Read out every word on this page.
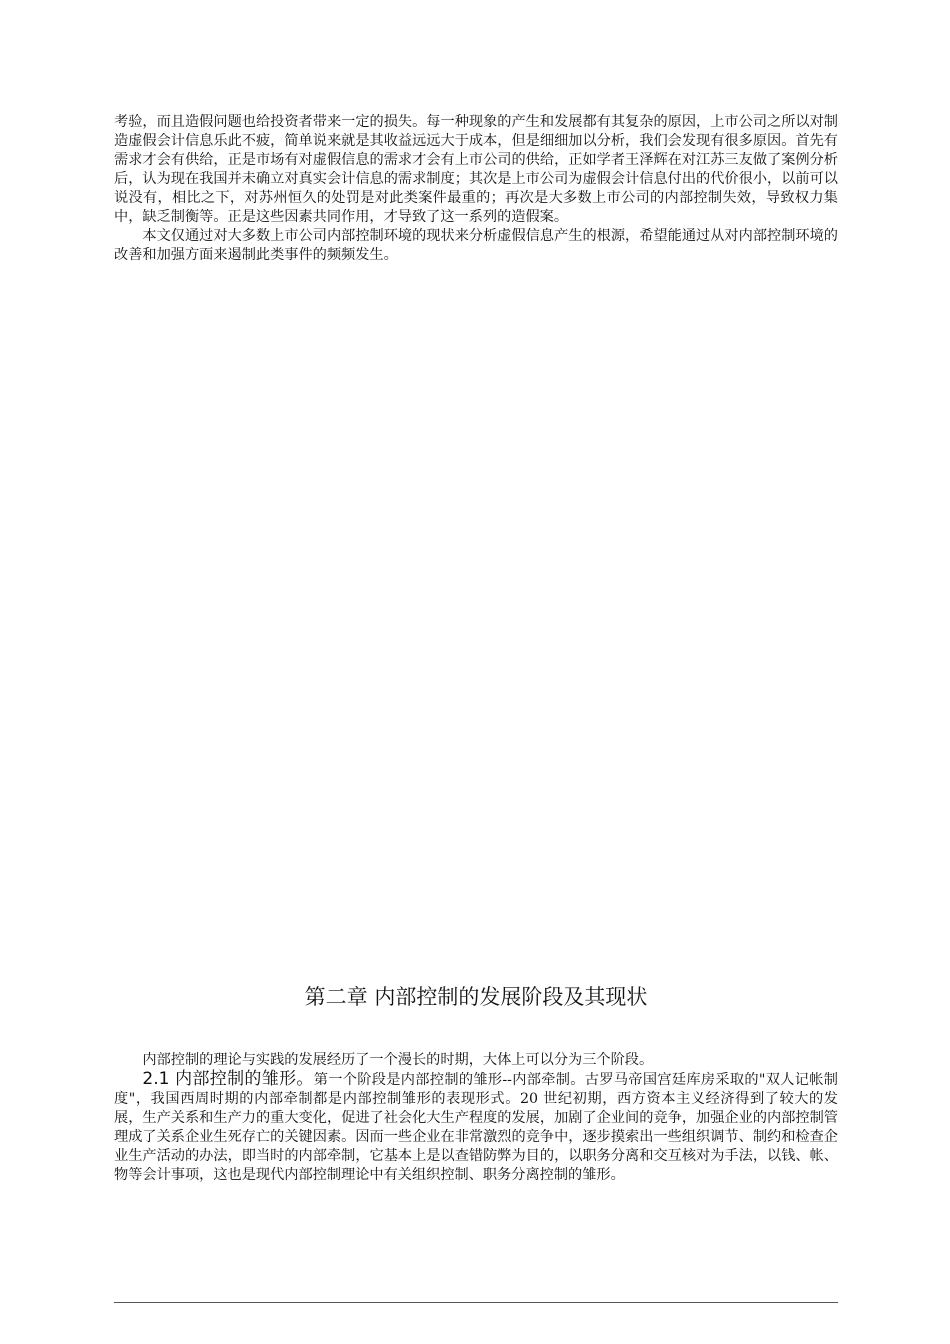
考验，而且造假问题也给投资者带来一定的损失。每一种现象的产生和发展都有其复杂的原因，上市公司之所以对制造虚假会计信息乐此不疲，简单说来就是其收益远远大于成本，但是细细加以分析，我们会发现有很多原因。首先有需求才会有供给，正是市场有对虚假信息的需求才会有上市公司的供给，正如学者王泽辉在对江苏三友做了案例分析后，认为现在我国并未确立对真实会计信息的需求制度；其次是上市公司为虚假会计信息付出的代价很小，以前可以说没有，相比之下，对苏州恒久的处罚是对此类案件最重的；再次是大多数上市公司的内部控制失效，导致权力集中，缺乏制衡等。正是这些因素共同作用，才导致了这一系列的造假案。

本文仅通过对大多数上市公司内部控制环境的现状来分析虚假信息产生的根源，希望能通过从对内部控制环境的改善和加强方面来遏制此类事件的频频发生。

第二章 内部控制的发展阶段及其现状

内部控制的理论与实践的发展经历了一个漫长的时期，大体上可以分为三个阶段。

2.1 内部控制的雏形。第一个阶段是内部控制的雏形--内部牵制。古罗马帝国宫廷库房采取的"双人记帐制度"，我国西周时期的内部牵制都是内部控制雏形的表现形式。20 世纪初期，西方资本主义经济得到了较大的发展，生产关系和生产力的重大变化，促进了社会化大生产程度的发展，加剧了企业间的竞争，加强企业的内部控制管理成了关系企业生死存亡的关键因素。因而一些企业在非常激烈的竞争中，逐步摸索出一些组织调节、制约和检查企业生产活动的办法，即当时的内部牵制，它基本上是以查错防弊为目的，以职务分离和交互核对为手法，以钱、帐、物等会计事项，这也是现代内部控制理论中有关组织控制、职务分离控制的雏形。
